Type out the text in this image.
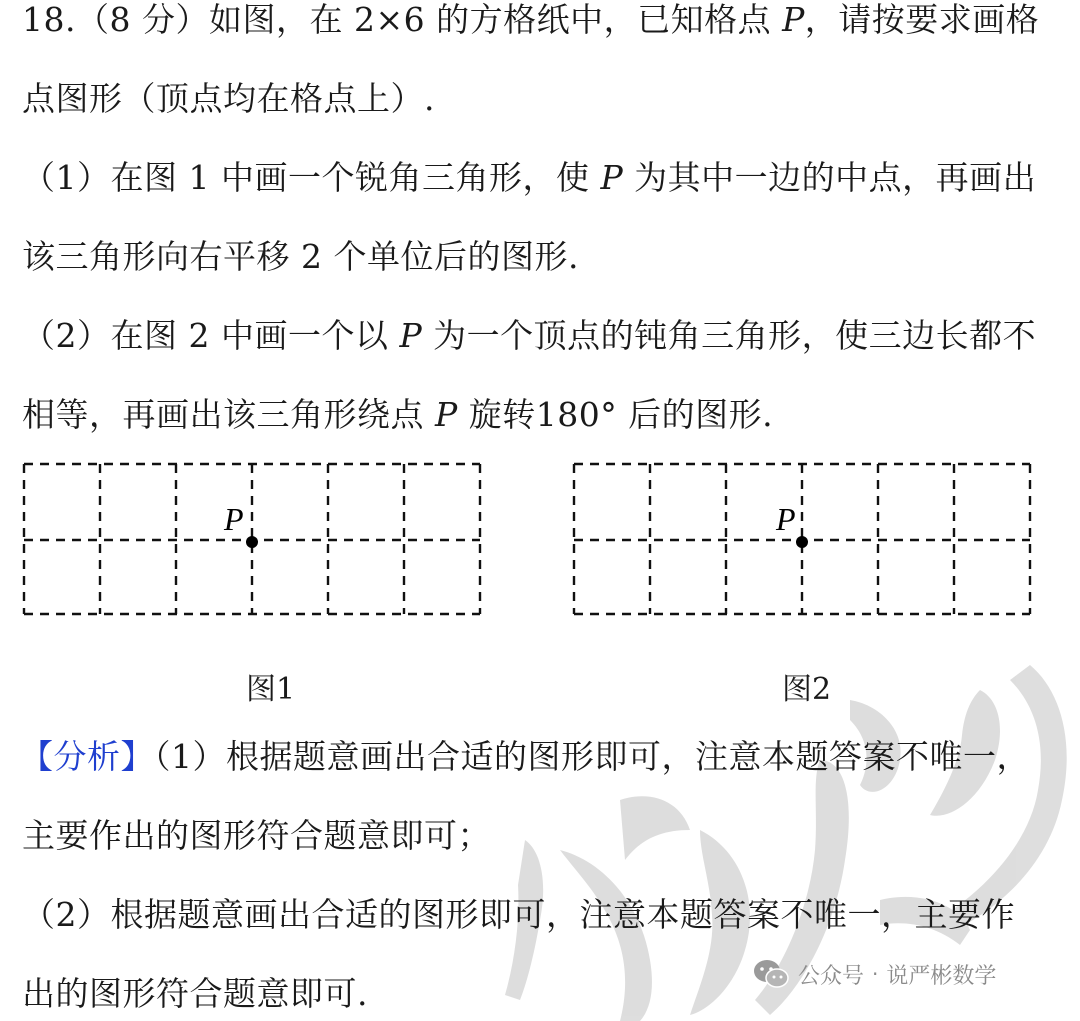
18.（8 分）如图，在 2×6 的方格纸中，已知格点 P，请按要求画格
点图形（顶点均在格点上）.
（1）在图 1 中画一个锐角三角形，使 P 为其中一边的中点，再画出
该三角形向右平移 2 个单位后的图形.
（2）在图 2 中画一个以 P 为一个顶点的钝角三角形，使三边长都不
相等，再画出该三角形绕点 P 旋转180° 后的图形.
P
图1
P
图2
【分析】（1）根据题意画出合适的图形即可，注意本题答案不唯一，
主要作出的图形符合题意即可；
（2）根据题意画出合适的图形即可，注意本题答案不唯一，主要作
出的图形符合题意即可.	公众号 · 说严彬数学
